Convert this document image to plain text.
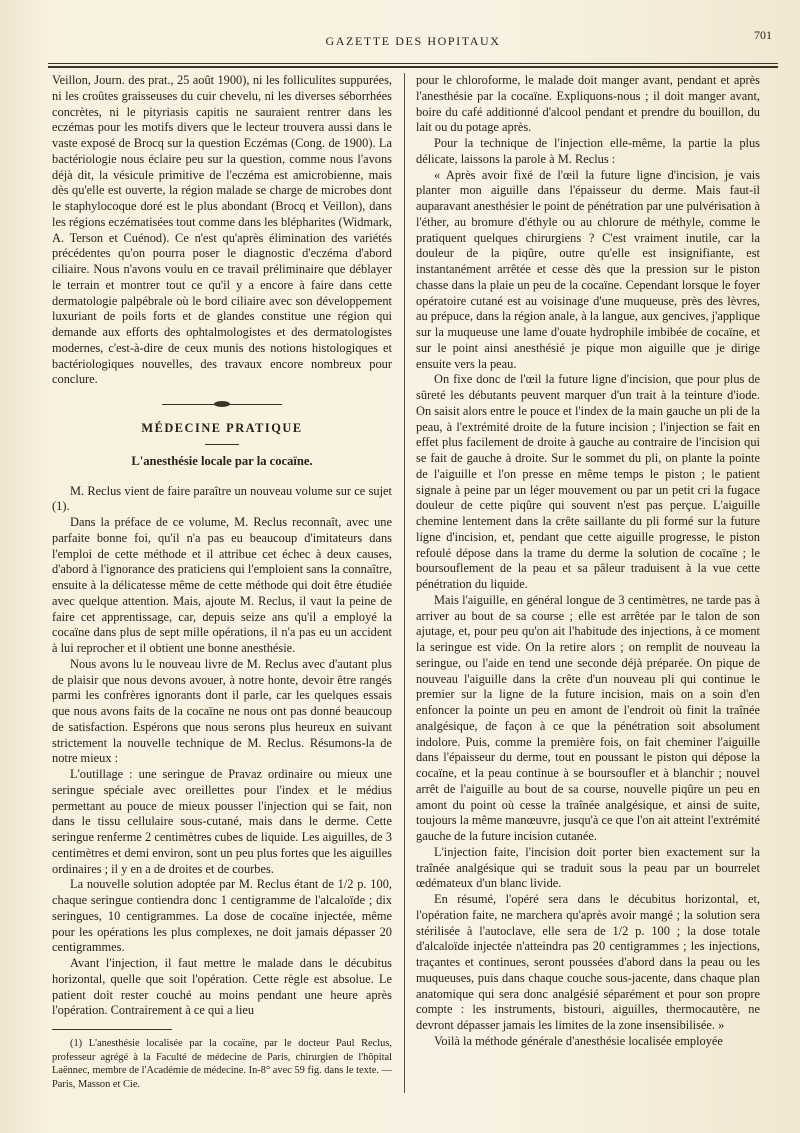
GAZETTE DES HOPITAUX	701

Veillon, Journ. des prat., 25 août 1900), ni les folliculites suppurées, ni les croûtes graisseuses du cuir chevelu, ni les diverses séborrhées concrètes, ni le pityriasis capitis ne sauraient rentrer dans les eczémas pour les motifs divers que le lecteur trouvera aussi dans le vaste exposé de Brocq sur la question Eczémas (Cong. de 1900). La bactériologie nous éclaire peu sur la question, comme nous l'avons déjà dit, la vésicule primitive de l'eczéma est amicrobienne, mais dès qu'elle est ouverte, la région malade se charge de microbes dont le staphylocoque doré est le plus abondant (Brocq et Veillon), dans les régions eczématisées tout comme dans les blépharites (Widmark, A. Terson et Cuénod). Ce n'est qu'après élimination des variétés précédentes qu'on pourra poser le diagnostic d'eczéma d'abord ciliaire. Nous n'avons voulu en ce travail préliminaire que déblayer le terrain et montrer tout ce qu'il y a encore à faire dans cette dermatologie palpébrale où le bord ciliaire avec son développement luxuriant de poils forts et de glandes constitue une région qui demande aux efforts des ophtalmologistes et des dermatologistes modernes, c'est-à-dire de ceux munis des notions histologiques et bactériologiques nouvelles, des travaux encore nombreux pour conclure.

MÉDECINE PRATIQUE
L'anesthésie locale par la cocaïne.

M. Reclus vient de faire paraître un nouveau volume sur ce sujet (1).

Dans la préface de ce volume, M. Reclus reconnaît, avec une parfaite bonne foi, qu'il n'a pas eu beaucoup d'imitateurs dans l'emploi de cette méthode et il attribue cet échec à deux causes, d'abord à l'ignorance des praticiens qui l'emploient sans la connaître, ensuite à la délicatesse même de cette méthode qui doit être étudiée avec quelque attention. Mais, ajoute M. Reclus, il vaut la peine de faire cet apprentissage, car, depuis seize ans qu'il a employé la cocaïne dans plus de sept mille opérations, il n'a pas eu un accident à lui reprocher et il obtient une bonne anesthésie.

Nous avons lu le nouveau livre de M. Reclus avec d'autant plus de plaisir que nous devons avouer, à notre honte, devoir être rangés parmi les confrères ignorants dont il parle, car les quelques essais que nous avons faits de la cocaïne ne nous ont pas donné beaucoup de satisfaction. Espérons que nous serons plus heureux en suivant strictement la nouvelle technique de M. Reclus. Résumons-la de notre mieux :

L'outillage : une seringue de Pravaz ordinaire ou mieux une seringue spéciale avec oreillettes pour l'index et le médius permettant au pouce de mieux pousser l'injection qui se fait, non dans le tissu cellulaire sous-cutané, mais dans le derme. Cette seringue renferme 2 centimètres cubes de liquide. Les aiguilles, de 3 centimètres et demi environ, sont un peu plus fortes que les aiguilles ordinaires ; il y en a de droites et de courbes.

La nouvelle solution adoptée par M. Reclus étant de 1/2 p. 100, chaque seringue contiendra donc 1 centigramme de l'alcaloïde ; dix seringues, 10 centigrammes. La dose de cocaïne injectée, même pour les opérations les plus complexes, ne doit jamais dépasser 20 centigrammes.

Avant l'injection, il faut mettre le malade dans le décubitus horizontal, quelle que soit l'opération. Cette règle est absolue. Le patient doit rester couché au moins pendant une heure après l'opération. Contrairement à ce qui a lieu

(1) L'anesthésie localisée par la cocaïne, par le docteur Paul Reclus, professeur agrégé à la Faculté de médecine de Paris, chirurgien de l'hôpital Laënnec, membre de l'Académie de médecine. In-8° avec 59 fig. dans le texte. — Paris, Masson et Cie.

pour le chloroforme, le malade doit manger avant, pendant et après l'anesthésie par la cocaïne. Expliquons-nous ; il doit manger avant, boire du café additionné d'alcool pendant et prendre du bouillon, du lait ou du potage après.

Pour la technique de l'injection elle-même, la partie la plus délicate, laissons la parole à M. Reclus :

« Après avoir fixé de l'œil la future ligne d'incision, je vais planter mon aiguille dans l'épaisseur du derme. Mais faut-il auparavant anesthésier le point de pénétration par une pulvérisation à l'éther, au bromure d'éthyle ou au chlorure de méthyle, comme le pratiquent quelques chirurgiens ? C'est vraiment inutile, car la douleur de la piqûre, outre qu'elle est insignifiante, est instantanément arrêtée et cesse dès que la pression sur le piston chasse dans la plaie un peu de la cocaïne. Cependant lorsque le foyer opératoire cutané est au voisinage d'une muqueuse, près des lèvres, au prépuce, dans la région anale, à la langue, aux gencives, j'applique sur la muqueuse une lame d'ouate hydrophile imbibée de cocaïne, et sur le point ainsi anesthésié je pique mon aiguille que je dirige ensuite vers la peau.

On fixe donc de l'œil la future ligne d'incision, que pour plus de sûreté les débutants peuvent marquer d'un trait à la teinture d'iode. On saisit alors entre le pouce et l'index de la main gauche un pli de la peau, à l'extrémité droite de la future incision ; l'injection se fait en effet plus facilement de droite à gauche au contraire de l'incision qui se fait de gauche à droite. Sur le sommet du pli, on plante la pointe de l'aiguille et l'on presse en même temps le piston ; le patient signale à peine par un léger mouvement ou par un petit cri la fugace douleur de cette piqûre qui souvent n'est pas perçue. L'aiguille chemine lentement dans la crête saillante du pli formé sur la future ligne d'incision, et, pendant que cette aiguille progresse, le piston refoulé dépose dans la trame du derme la solution de cocaïne ; le boursouflement de la peau et sa pâleur traduisent à la vue cette pénétration du liquide.

Mais l'aiguille, en général longue de 3 centimètres, ne tarde pas à arriver au bout de sa course ; elle est arrêtée par le talon de son ajutage, et, pour peu qu'on ait l'habitude des injections, à ce moment la seringue est vide. On la retire alors ; on remplit de nouveau la seringue, ou l'aide en tend une seconde déjà préparée. On pique de nouveau l'aiguille dans la crête d'un nouveau pli qui continue le premier sur la ligne de la future incision, mais on a soin d'en enfoncer la pointe un peu en amont de l'endroit où finit la traînée analgésique, de façon à ce que la pénétration soit absolument indolore. Puis, comme la première fois, on fait cheminer l'aiguille dans l'épaisseur du derme, tout en poussant le piston qui dépose la cocaïne, et la peau continue à se boursoufler et à blanchir ; nouvel arrêt de l'aiguille au bout de sa course, nouvelle piqûre un peu en amont du point où cesse la traînée analgésique, et ainsi de suite, toujours la même manœuvre, jusqu'à ce que l'on ait atteint l'extrémité gauche de la future incision cutanée.

L'injection faite, l'incision doit porter bien exactement sur la traînée analgésique qui se traduit sous la peau par un bourrelet œdémateux d'un blanc livide.

En résumé, l'opéré sera dans le décubitus horizontal, et, l'opération faite, ne marchera qu'après avoir mangé ; la solution sera stérilisée à l'autoclave, elle sera de 1/2 p. 100 ; la dose totale d'alcaloïde injectée n'atteindra pas 20 centigrammes ; les injections, traçantes et continues, seront poussées d'abord dans la peau ou les muqueuses, puis dans chaque couche sous-jacente, dans chaque plan anatomique qui sera donc analgésié séparément et pour son propre compte : les instruments, bistouri, aiguilles, thermocautère, ne devront dépasser jamais les limites de la zone insensibilisée. »

Voilà la méthode générale d'anesthésie localisée employée
